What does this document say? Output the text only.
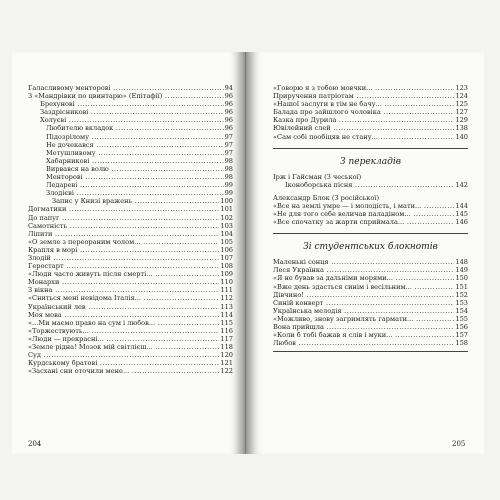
Галасливому менторові .....	94
З «Мандрівки по цвинтарю» (Епітафії) .....	96
Брехунові .....	96
Заздрісникові .....	96
Холуєві .....	96
Любителю вкладок .....	96
Підозрілому .....	97
Не дочекався .....	97
Метушливому .....	97
Хабарникові .....	98
Вирвався на волю .....	98
Менторові .....	98
Ледареві .....	99
Злодієві .....	99
Запис у Книзі вражень .....	100
Догматики .....	101
До папуг .....	102
Самотність .....	103
Ліпити .....	104
«О земле з переораним чолом... .....	105
Крапля в морі .....	106
Злодій .....	107
Геростарт .....	108
«Люди часто живуть після смерті... .....	109
Монархи .....	110
З вікна .....	111
«Сниться мені невідома Італія... .....	112
Український лев .....	113
Моя мова .....	114
«...Ми маємо право на сум і любов... .....	115
«Торжествують... .....	116
«Люди — прекрасні... .....	117
«Земле рідна! Мозок мій світлієш... .....	118
Суд .....	120
Курдському братові .....	121
«Засхані сни оточили мене... .....	122
204
«Говорю я з тобою мовчки... .....	123
Приручення патріотам .....	124
«Нашої заслуги в тім не бачу... .....	125
Балада про зайшлого чоловіка .....	127
Казка про Дурила .....	129
Ювілейний слей .....	138
«Сам собі пообіцяв не стану... .....	140
З перекладів
Ірж і Гайсман (З чеської)
Іконоборська пісня .....	142
Александр Блок (З російської)
«Все на землі умре — і молодість, і мати... .....	144
«Не для того себе величав паладіном... .....	145
«Все спочатку за жарти сприймала... .....	146
Зі студентських блокнотів
Маленькі сонця .....	148
Леся Українка .....	149
«Я не бував за дальніми морями... .....	150
«Вже день здасться синім і весільним... .....	151
Дівчино! .....	152
Синій конверт .....	153
Українська мелодія .....	154
«Можливо, знову загримлять гармати... .....	155
Вона прийшла .....	156
«Коли б тобі бажав я слів і муки... .....	157
Любов .....	158
205
